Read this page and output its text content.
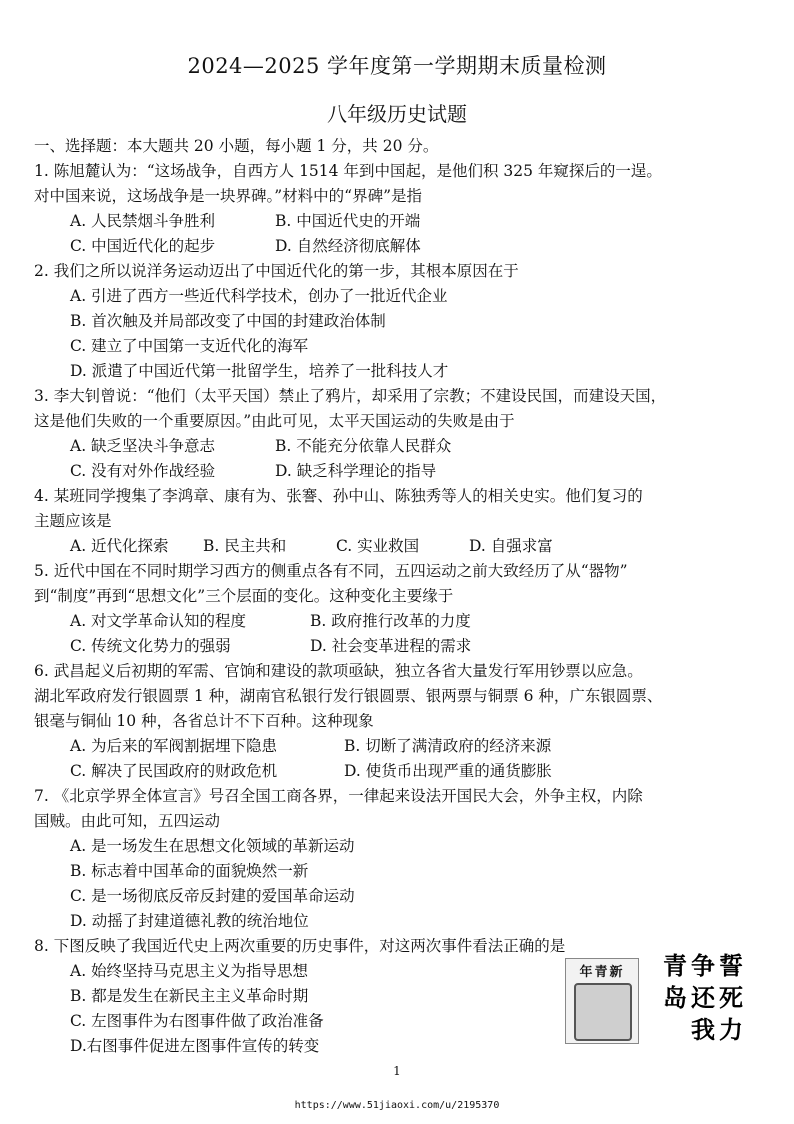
2024—2025 学年度第一学期期末质量检测
八年级历史试题
一、选择题：本大题共 20 小题，每小题 1 分，共 20 分。
1. 陈旭麓认为：“这场战争，自西方人 1514 年到中国起，是他们积 325 年窥探后的一逞。
对中国来说，这场战争是一块界碑。”材料中的“界碑”是指
A. 人民禁烟斗争胜利	B. 中国近代史的开端
C. 中国近代化的起步	D. 自然经济彻底解体
2. 我们之所以说洋务运动迈出了中国近代化的第一步，其根本原因在于
A. 引进了西方一些近代科学技术，创办了一批近代企业
B. 首次触及并局部改变了中国的封建政治体制
C. 建立了中国第一支近代化的海军
D. 派遣了中国近代第一批留学生，培养了一批科技人才
3. 李大钊曾说：“他们（太平天国）禁止了鸦片，却采用了宗教；不建设民国，而建设天国，
这是他们失败的一个重要原因。”由此可见，太平天国运动的失败是由于
A. 缺乏坚决斗争意志	B. 不能充分依靠人民群众
C. 没有对外作战经验	D. 缺乏科学理论的指导
4. 某班同学搜集了李鸿章、康有为、张謇、孙中山、陈独秀等人的相关史实。他们复习的
主题应该是
A. 近代化探索	B. 民主共和	C. 实业救国	D. 自强求富
5. 近代中国在不同时期学习西方的侧重点各有不同，五四运动之前大致经历了从“器物”
到“制度”再到“思想文化”三个层面的变化。这种变化主要缘于
A. 对文学革命认知的程度	B. 政府推行改革的力度
C. 传统文化势力的强弱	D. 社会变革进程的需求
6. 武昌起义后初期的军需、官饷和建设的款项亟缺，独立各省大量发行军用钞票以应急。
湖北军政府发行银圆票 1 种，湖南官私银行发行银圆票、银两票与铜票 6 种，广东银圆票、
银毫与铜仙 10 种，各省总计不下百种。这种现象
A. 为后来的军阀割据埋下隐患	B. 切断了满清政府的经济来源
C. 解决了民国政府的财政危机	D. 使货币出现严重的通货膨胀
7. 《北京学界全体宣言》号召全国工商各界，一律起来设法开国民大会，外争主权，内除
国贼。由此可知，五四运动
A. 是一场发生在思想文化领域的革新运动
B. 标志着中国革命的面貌焕然一新
C. 是一场彻底反帝反封建的爱国革命运动
D. 动摇了封建道德礼教的统治地位
8. 下图反映了我国近代史上两次重要的历史事件，对这两次事件看法正确的是
A. 始终坚持马克思主义为指导思想
B. 都是发生在新民主主义革命时期
C. 左图事件为右图事件做了政治准备
D.右图事件促进左图事件宣传的转变
年青新	誓
死
力
争
还
我
青
岛
1
https://www.51jiaoxi.com/u/2195370
